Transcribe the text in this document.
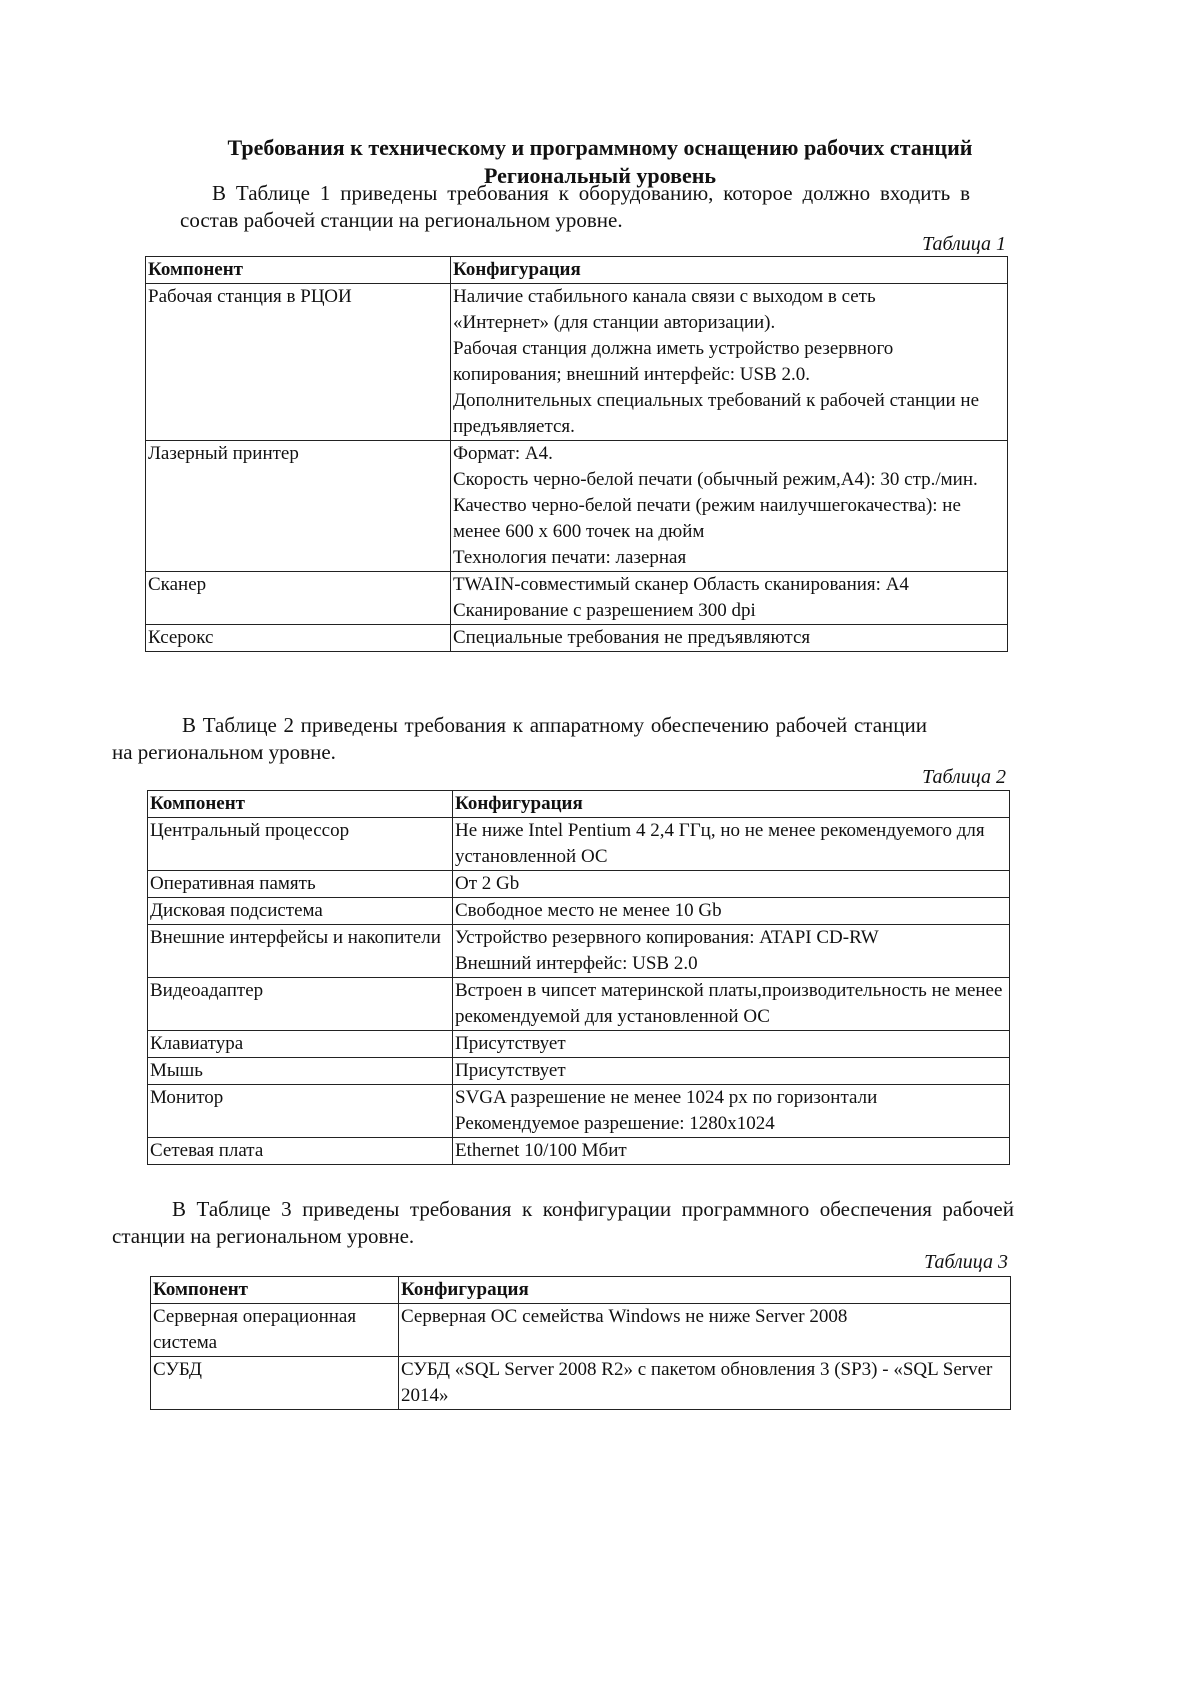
Требования к техническому и программному оснащению рабочих станций
Региональный уровень
В Таблице 1 приведены требования к оборудованию, которое должно входить в состав рабочей станции на региональном уровне.
Таблица 1
Компонент	Конфигурация
Рабочая станция в РЦОИ	Наличие стабильного канала связи с выходом в сеть
«Интернет» (для станции авторизации).
Рабочая станция должна иметь устройство резервного копирования; внешний интерфейс: USB 2.0.
Дополнительных специальных требований к рабочей станции не предъявляется.

Лазерный принтер	Формат: А4.
Скорость черно-белой печати (обычный режим,А4): 30 стр./мин. Качество черно-белой печати (режим наилучшегокачества): не менее 600 х 600 точек на дюйм
Технология печати: лазерная

Сканер	TWAIN-совместимый сканер Область сканирования: А4
Сканирование с разрешением 300 dpi

Ксерокс	Специальные требования не предъявляются
В Таблице 2 приведены требования к аппаратному обеспечению рабочей станции на региональном уровне.
Таблица 2
Компонент	Конфигурация
Центральный процессор	Не ниже Intel Pentium 4 2,4 ГГц, но не менее рекомендуемого для установленной ОС

Оперативная память	От 2 Gb

Дисковая подсистема	Свободное место не менее 10 Gb

Внешние интерфейсы и накопители	Устройство резервного копирования: ATAPI CD-RW
Внешний интерфейс: USB 2.0

Видеоадаптер	Встроен в чипсет материнской платы,производительность не менее рекомендуемой для установленной ОС

Клавиатура	Присутствует

Мышь	Присутствует

Монитор	SVGA разрешение не менее 1024 рх по горизонтали
Рекомендуемое разрешение: 1280х1024

Сетевая плата	Ethernet 10/100 Мбит
В Таблице 3 приведены требования к конфигурации программного обеспечения рабочей станции на региональном уровне.
Таблица 3
Компонент	Конфигурация
Серверная операционная система	Серверная ОС семейства Windows не ниже Server 2008

СУБД	СУБД «SQL Server 2008 R2» с пакетом обновления 3 (SP3) - «SQL Server 2014»
